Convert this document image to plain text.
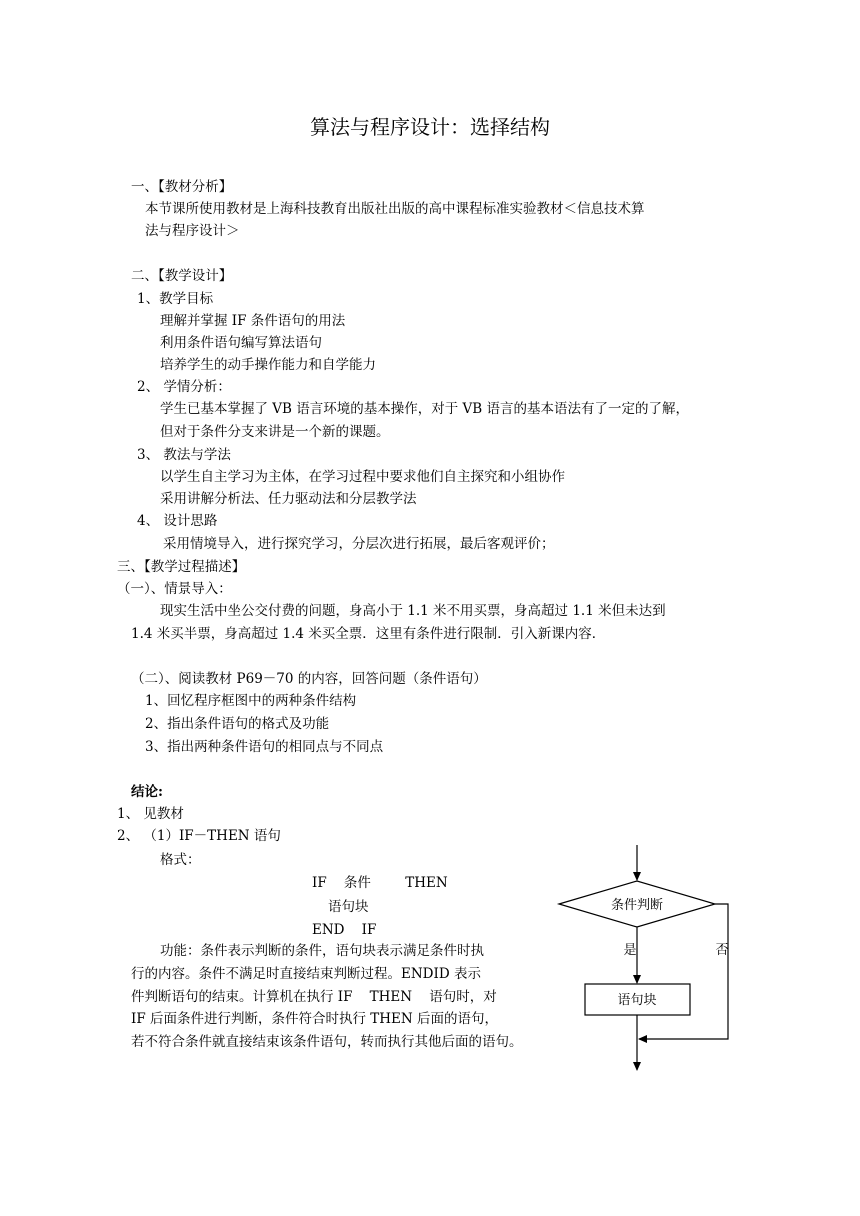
算法与程序设计：选择结构
一、【教材分析】
本节课所使用教材是上海科技教育出版社出版的高中课程标准实验教材＜信息技术算
法与程序设计＞
二、【教学设计】
1、教学目标
理解并掌握 IF 条件语句的用法
利用条件语句编写算法语句
培养学生的动手操作能力和自学能力
2、 学情分析：
学生已基本掌握了 VB 语言环境的基本操作，对于 VB 语言的基本语法有了一定的了解，
但对于条件分支来讲是一个新的课题。
3、 教法与学法
以学生自主学习为主体，在学习过程中要求他们自主探究和小组协作
采用讲解分析法、任力驱动法和分层教学法
4、 设计思路
采用情境导入，进行探究学习，分层次进行拓展，最后客观评价；
三、【教学过程描述】
（一）、情景导入：
现实生活中坐公交付费的问题，身高小于 1.1 米不用买票，身高超过 1.1 米但未达到
1.4 米买半票，身高超过 1.4 米买全票．这里有条件进行限制．引入新课内容．
（二）、阅读教材 P69－70 的内容，回答问题（条件语句）
1、回忆程序框图中的两种条件结构
2、指出条件语句的格式及功能
3、指出两种条件语句的相同点与不同点
结论:
1、 见教材
2、 （1）IF－THEN 语句
格式：
IF    条件        THEN
语句块
END    IF
功能：条件表示判断的条件，语句块表示满足条件时执
行的内容。条件不满足时直接结束判断过程。ENDID 表示
件判断语句的结束。计算机在执行 IF    THEN    语句时，对
IF 后面条件进行判断，条件符合时执行 THEN 后面的语句，
若不符合条件就直接结束该条件语句，转而执行其他后面的语句。
条件判断
是	否
语句块
